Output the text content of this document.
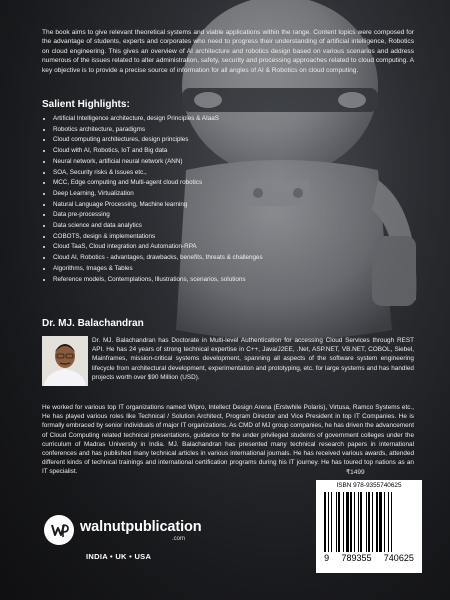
The book aims to give relevant theoretical systems and viable applications within the range. Content topics were composed for the advantage of students, experts and corporates who need to progress their understanding of artificial intelligence, Robotics on cloud engineering. This gives an overview of AI architecture and robotics design based on various scenarios and address numerous of the issues related to alter administration, safety, security and processing approaches related to cloud computing. A key objective is to provide a precise source of information for all angles of AI & Robotics on cloud computing.

Salient Highlights:
• Artificial Intelligence architecture, design Principles & AIaaS
• Robotics architecture, paradigms
• Cloud computing architectures, design principles
• Cloud with AI, Robotics, IoT and Big data
• Neural network, artificial neural network (ANN)
• SOA, Security risks & Issues etc.,
• MCC, Edge computing and Multi-agent cloud robotics
• Deep Learning, Virtualization
• Natural Language Processing, Machine learning
• Data pre-processing
• Data science and data analytics
• COBOTS, design & implementations
• Cloud TaaS, Cloud integration and Automation-RPA
• Cloud AI, Robotics - advantages, drawbacks, benefits, threats & challenges
• Algorithms, Images & Tables
• Reference models, Contemplations, Illustrations, scenarios, solutions
Dr. MJ. Balachandran

Dr. MJ. Balachandran has Doctorate in Multi-level Authentication for accessing Cloud Services through REST API. He has 24 years of strong technical expertise in C++, Java/J2EE, .Net, ASP.NET, VB.NET, COBOL, Siebel, Mainframes, mission-critical systems development, spanning all aspects of the software system engineering lifecycle from architectural development, experimentation and prototyping, etc. for large systems and has handled projects worth over $90 Million (USD).

He worked for various top IT organizations named Wipro, Intellect Design Arena (Erstwhile Polaris), Virtusa, Ramco Systems etc., He has played various roles like Technical / Solution Architect, Program Director and Vice President in top IT Companies. He is formally embraced by senior individuals of major IT organizations. As CMD of MJ group companies, he has driven the advancement of Cloud Computing related technical presentations, guidance for the under privileged students of government colleges under the curriculum of Madras University in India. MJ. Balachandran has presented many technical research papers in international conferences and has published many technical articles in various international journals. He has received various awards, attended different kinds of technical trainings and international certification programs during his IT journey. He has toured top nations as an IT specialist.	₹1499
walnutpublication
.com
INDIA • UK • USA
ISBN 978-9355740625
9 789355 740625
